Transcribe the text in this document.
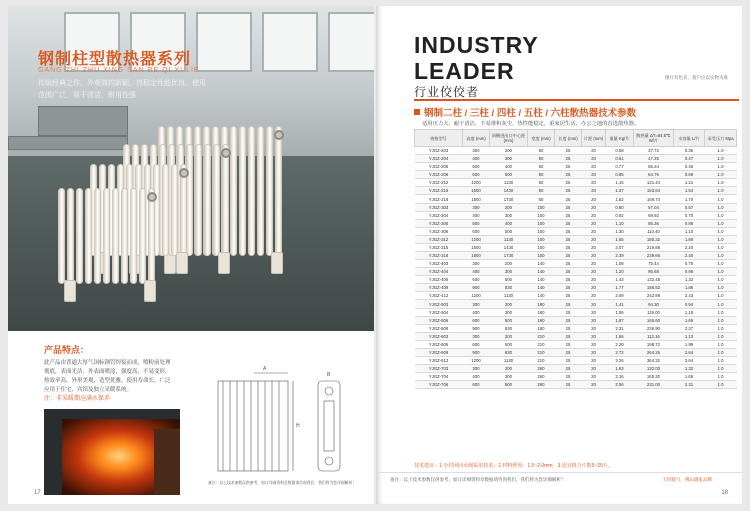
钢制柱型散热器系列
GANG ZHI ZHU XING SAN RE QI XI LIE
传统经典之作，外观简约新颖，热稳定性能优良，使用
范围广泛，易于清洁，耐用性强
产品特点：
此产品由普通大厚气国标钢管焊接而成，喷粉前处理彻底，表面光洁，外表面喷涂，强度高，不易变形，热效率高，外形美观，造型优雅，使用寿命长，广泛应用于住宅、宾馆及独立采暖系统。
注：非采暖期应满水保养
H
A
B
17
备注：以上技术参数仅供参考，如订详细资料及数据请咨询我们，我们将为您详细解析！
INDUSTRY
LEADER
行业佼佼者
图片有色差，客户应以实物为准
钢制二柱 / 三柱 / 四柱 / 五柱 / 六柱散热器技术参数
适用压力大，耐于清洁，不易堆积灰尘，热性能稳定，重家居生活，办公之地的首选散热器。
规格型号	高度 (mm)	同侧进出口中心距(mm)	宽度 (mm)	长度 (mm)	片距 (mm)	重量 Kg/片	散热量 ΔT=64.5℃ W/片	水容量 L/片	承受压力 Mpa
YJGZ-203	300	200	60	25	20	0.58	37.72	0.36	1.0
YJGZ-204	400	300	60	25	20	0.61	47.25	0.47	1.0
YJGZ-205	500	400	60	25	20	0.77	56.24	0.46	1.0
YJGZ-206	600	500	60	25	20	0.85	64.76	0.69	1.0
YJGZ-212	1200	1130	60	25	20	1.15	121.44	1.21	1.0
YJGZ-215	1500	1430	60	25	20	1.37	153.64	1.54	1.0
YJGZ-218	1800	1730	60	25	20	1.62	169.74	1.70	1.0
YJGZ-303	300	200	100	25	20	0.80	57.04	0.57	1.0
YJGZ-304	400	300	100	25	20	0.92	69.92	0.70	1.0
YJGZ-305	500	400	100	25	20	1.10	86.36	0.86	1.0
YJGZ-306	600	500	100	25	20	1.30	110.40	1.10	1.0
YJGZ-312	1200	1130	100	25	20	1.65	180.32	1.80	1.0
YJGZ-315	1500	1430	100	25	20	2.07	219.88	2.20	1.0
YJGZ-318	1800	1730	100	25	20	2.39	239.66	2.40	1.0
YJGZ-403	300	200	140	25	20	1.08	75.44	0.75	1.0
YJGZ-404	400	300	140	25	20	1.20	95.68	0.96	1.0
YJGZ-406	600	500	140	25	20	1.43	132.48	1.32	1.0
YJGZ-409	900	830	140	25	20	1.77	186.52	1.86	1.0
YJGZ-412	1200	1130	140	25	20	2.09	242.88	2.43	1.0
YJGZ-503	300	200	180	25	20	1.41	94.30	0.94	1.0
YJGZ-504	400	300	180	25	20	1.56	119.00	1.18	1.0
YJGZ-506	600	500	180	25	20	1.87	165.60	1.66	1.0
YJGZ-509	900	830	180	25	20	2.31	236.90	2.37	1.0
YJGZ-603	300	200	210	25	20	1.66	113.16	1.13	1.0
YJGZ-606	600	500	210	25	20	2.20	198.72	1.99	1.0
YJGZ-609	900	830	210	25	20	2.72	264.26	2.64	1.0
YJGZ-612	1200	1130	210	25	20	3.26	364.32	3.64	1.0
YJGZ-703	300	200	260	25	20	1.93	132.00	1.32	1.0
YJGZ-704	400	300	260	25	20	2.16	165.20	1.65	1.0
YJGZ-706	600	500	260	25	20	2.56	231.00	2.31	1.0
技术建议：1.全封闭回水阀采用技术；2.材料壁厚：1.5~2.0mm，3.适宜组合片数5~25片。
备注：以上技术参数仅供参考，如订详细资料及数据请咨询我们，我们将为您详细解析！	天时暖气，佛山暖家品牌
18
